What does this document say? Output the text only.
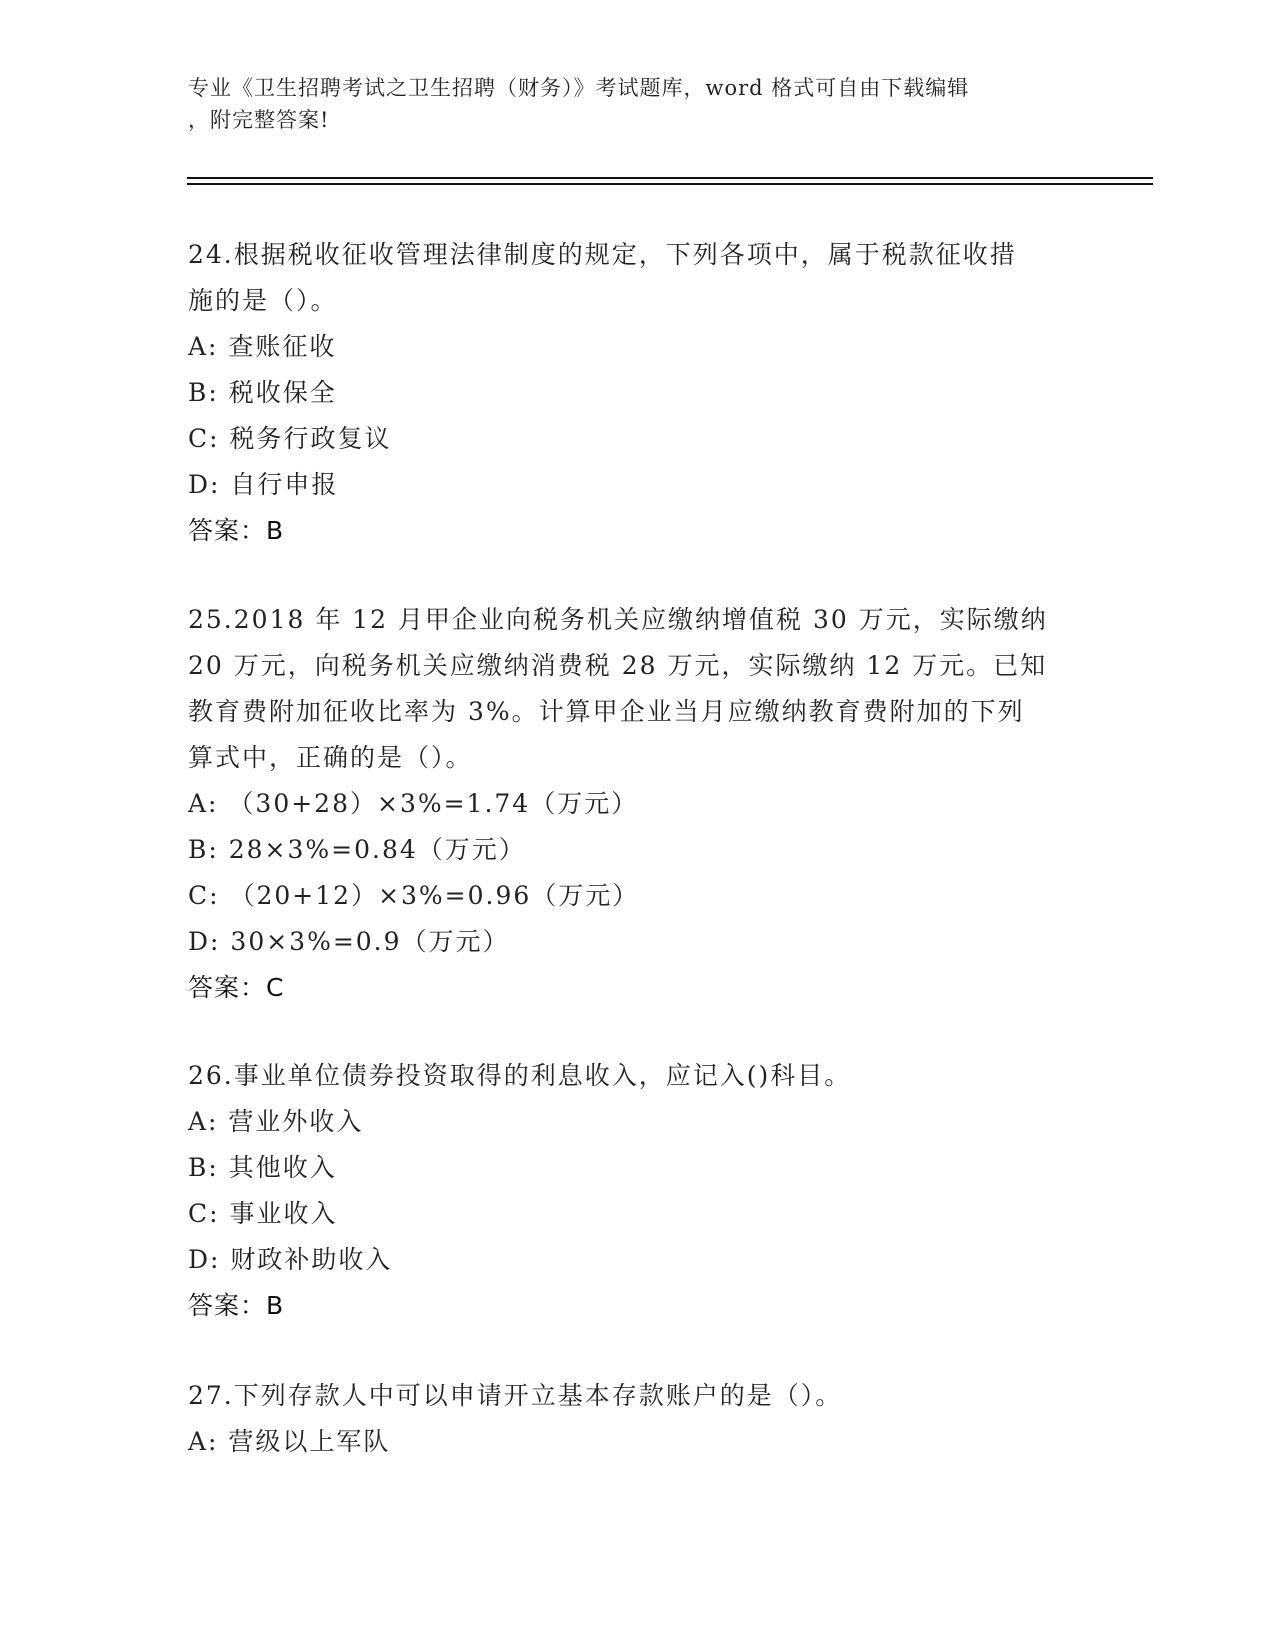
专业《卫生招聘考试之卫生招聘（财务）》考试题库，word 格式可自由下载编辑
，附完整答案!
24.根据税收征收管理法律制度的规定，下列各项中，属于税款征收措
施的是（）。
A: 查账征收
B: 税收保全
C: 税务行政复议
D: 自行申报
答案：B
25.2018 年 12 月甲企业向税务机关应缴纳增值税 30 万元，实际缴纳
20 万元，向税务机关应缴纳消费税 28 万元，实际缴纳 12 万元。已知
教育费附加征收比率为 3%。计算甲企业当月应缴纳教育费附加的下列
算式中，正确的是（）。
A: （30+28）×3%=1.74（万元）
B: 28×3%=0.84（万元）
C: （20+12）×3%=0.96（万元）
D: 30×3%=0.9（万元）
答案：C
26.事业单位债券投资取得的利息收入，应记入()科目。
A: 营业外收入
B: 其他收入
C: 事业收入
D: 财政补助收入
答案：B
27.下列存款人中可以申请开立基本存款账户的是（）。
A: 营级以上军队
